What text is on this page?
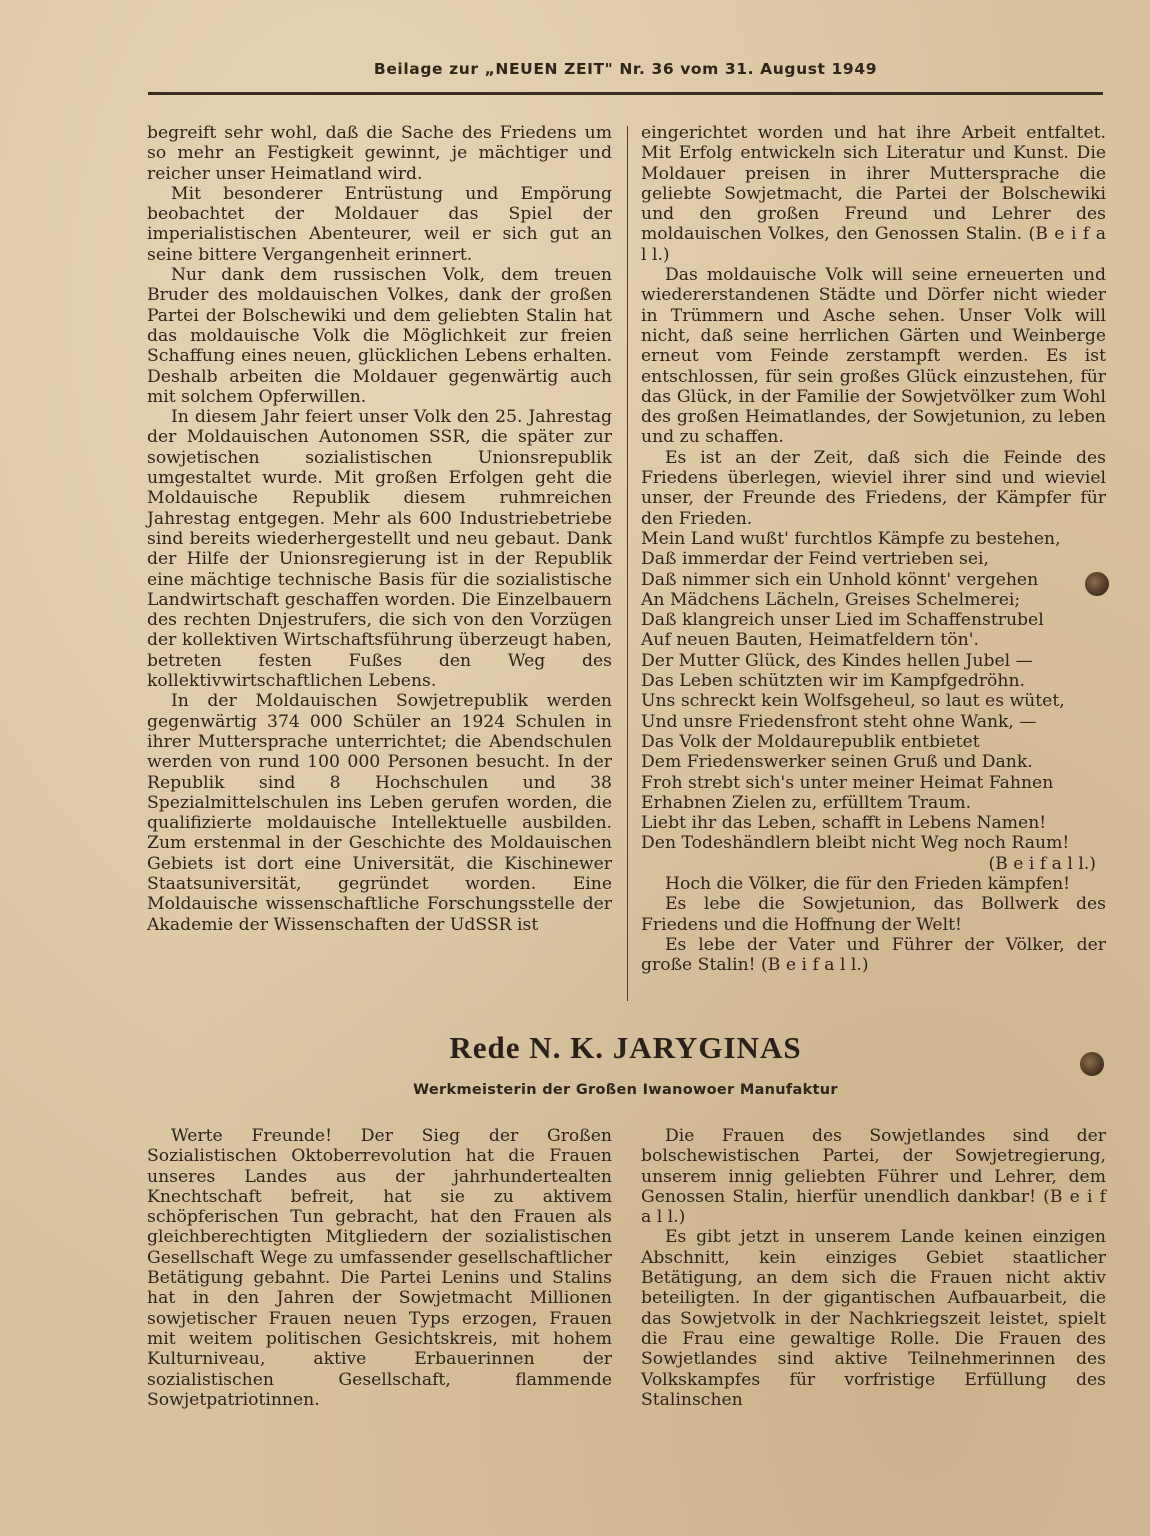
Beilage zur „NEUEN ZEIT" Nr. 36 vom 31. August 1949

begreift sehr wohl, daß die Sache des Friedens um so mehr an Festigkeit gewinnt, je mächtiger und reicher unser Heimatland wird.

Mit besonderer Entrüstung und Empörung beobachtet der Moldauer das Spiel der imperialistischen Abenteurer, weil er sich gut an seine bittere Vergangenheit erinnert.

Nur dank dem russischen Volk, dem treuen Bruder des moldauischen Volkes, dank der großen Partei der Bolschewiki und dem geliebten Stalin hat das moldauische Volk die Möglichkeit zur freien Schaffung eines neuen, glücklichen Lebens erhalten. Deshalb arbeiten die Moldauer gegenwärtig auch mit solchem Opferwillen.

In diesem Jahr feiert unser Volk den 25. Jahrestag der Moldauischen Autonomen SSR, die später zur sowjetischen sozialistischen Unionsrepublik umgestaltet wurde. Mit großen Erfolgen geht die Moldauische Republik diesem ruhmreichen Jahrestag entgegen. Mehr als 600 Industriebetriebe sind bereits wiederhergestellt und neu gebaut. Dank der Hilfe der Unionsregierung ist in der Republik eine mächtige technische Basis für die sozialistische Landwirtschaft geschaffen worden. Die Einzelbauern des rechten Dnjestrufers, die sich von den Vorzügen der kollektiven Wirtschaftsführung überzeugt haben, betreten festen Fußes den Weg des kollektivwirtschaftlichen Lebens.

In der Moldauischen Sowjetrepublik werden gegenwärtig 374 000 Schüler an 1924 Schulen in ihrer Muttersprache unterrichtet; die Abendschulen werden von rund 100 000 Personen besucht. In der Republik sind 8 Hochschulen und 38 Spezialmittelschulen ins Leben gerufen worden, die qualifizierte moldauische Intellektuelle ausbilden. Zum erstenmal in der Geschichte des Moldauischen Gebiets ist dort eine Universität, die Kischinewer Staatsuniversität, gegründet worden. Eine Moldauische wissenschaftliche Forschungsstelle der Akademie der Wissenschaften der UdSSR ist

eingerichtet worden und hat ihre Arbeit entfaltet. Mit Erfolg entwickeln sich Literatur und Kunst. Die Moldauer preisen in ihrer Muttersprache die geliebte Sowjetmacht, die Partei der Bolschewiki und den großen Freund und Lehrer des moldauischen Volkes, den Genossen Stalin. (B e i f a l l.)

Das moldauische Volk will seine erneuerten und wiedererstandenen Städte und Dörfer nicht wieder in Trümmern und Asche sehen. Unser Volk will nicht, daß seine herrlichen Gärten und Weinberge erneut vom Feinde zerstampft werden. Es ist entschlossen, für sein großes Glück einzustehen, für das Glück, in der Familie der Sowjetvölker zum Wohl des großen Heimatlandes, der Sowjetunion, zu leben und zu schaffen.

Es ist an der Zeit, daß sich die Feinde des Friedens überlegen, wieviel ihrer sind und wieviel unser, der Freunde des Friedens, der Kämpfer für den Frieden.

Mein Land wußt' furchtlos Kämpfe zu bestehen,
Daß immerdar der Feind vertrieben sei,
Daß nimmer sich ein Unhold könnt' vergehen
An Mädchens Lächeln, Greises Schelmerei;
Daß klangreich unser Lied im Schaffenstrubel
Auf neuen Bauten, Heimatfeldern tön'.
Der Mutter Glück, des Kindes hellen Jubel —
Das Leben schützten wir im Kampfgedröhn.
Uns schreckt kein Wolfsgeheul, so laut es wütet,
Und unsre Friedensfront steht ohne Wank, —
Das Volk der Moldaurepublik entbietet
Dem Friedenswerker seinen Gruß und Dank.
Froh strebt sich's unter meiner Heimat Fahnen
Erhabnen Zielen zu, erfülltem Traum.
Liebt ihr das Leben, schafft in Lebens Namen!
Den Todeshändlern bleibt nicht Weg noch Raum!
(B e i f a l l.)

Hoch die Völker, die für den Frieden kämpfen!

Es lebe die Sowjetunion, das Bollwerk des Friedens und die Hoffnung der Welt!

Es lebe der Vater und Führer der Völker, der große Stalin! (B e i f a l l.)

Rede N. K. JARYGINAS
Werkmeisterin der Großen Iwanowoer Manufaktur

Werte Freunde! Der Sieg der Großen Sozialistischen Oktoberrevolution hat die Frauen unseres Landes aus der jahrhundertealten Knechtschaft befreit, hat sie zu aktivem schöpferischen Tun gebracht, hat den Frauen als gleichberechtigten Mitgliedern der sozialistischen Gesellschaft Wege zu umfassender gesellschaftlicher Betätigung gebahnt. Die Partei Lenins und Stalins hat in den Jahren der Sowjetmacht Millionen sowjetischer Frauen neuen Typs erzogen, Frauen mit weitem politischen Gesichtskreis, mit hohem Kulturniveau, aktive Erbauerinnen der sozialistischen Gesellschaft, flammende Sowjetpatriotinnen.

Die Frauen des Sowjetlandes sind der bolschewistischen Partei, der Sowjetregierung, unserem innig geliebten Führer und Lehrer, dem Genossen Stalin, hierfür unendlich dankbar! (B e i f a l l.)

Es gibt jetzt in unserem Lande keinen einzigen Abschnitt, kein einziges Gebiet staatlicher Betätigung, an dem sich die Frauen nicht aktiv beteiligten. In der gigantischen Aufbauarbeit, die das Sowjetvolk in der Nachkriegszeit leistet, spielt die Frau eine gewaltige Rolle. Die Frauen des Sowjetlandes sind aktive Teilnehmerinnen des Volkskampfes für vorfristige Erfüllung des Stalinschen
